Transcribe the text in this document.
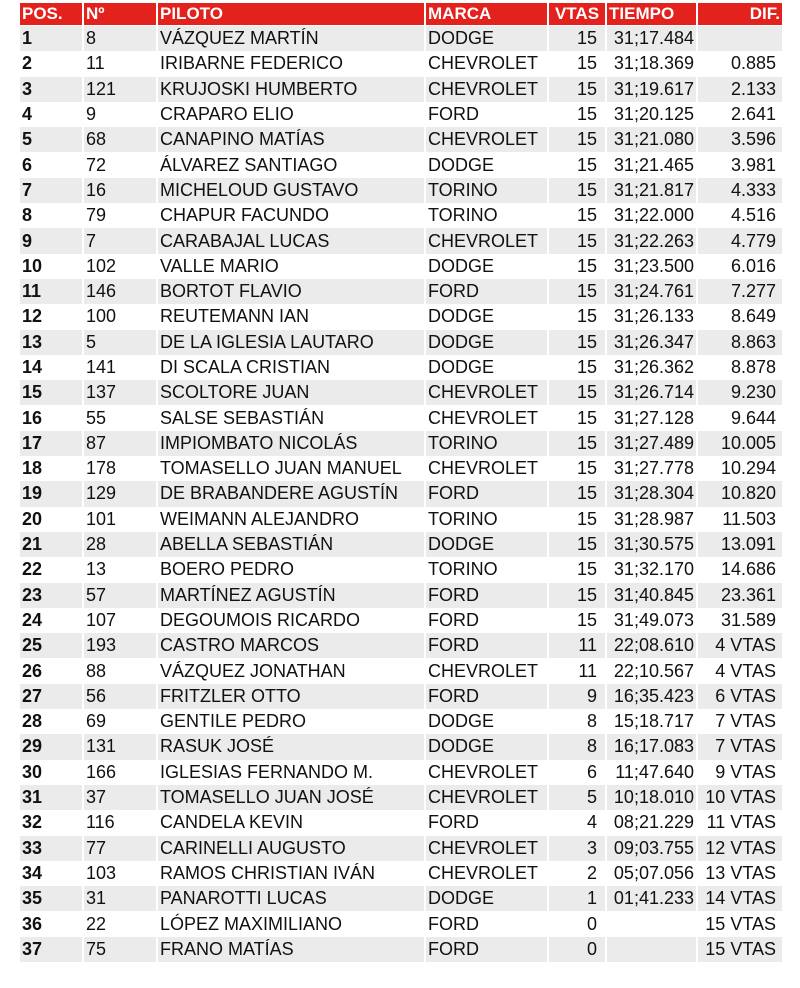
POS.	Nº	PILOTO	MARCA	VTAS	TIEMPO	DIF.
1	8	VÁZQUEZ MARTÍN	DODGE	15	31;17.484	
2	11	IRIBARNE FEDERICO	CHEVROLET	15	31;18.369	0.885
3	121	KRUJOSKI HUMBERTO	CHEVROLET	15	31;19.617	2.133
4	9	CRAPARO ELIO	FORD	15	31;20.125	2.641
5	68	CANAPINO MATÍAS	CHEVROLET	15	31;21.080	3.596
6	72	ÁLVAREZ SANTIAGO	DODGE	15	31;21.465	3.981
7	16	MICHELOUD GUSTAVO	TORINO	15	31;21.817	4.333
8	79	CHAPUR FACUNDO	TORINO	15	31;22.000	4.516
9	7	CARABAJAL LUCAS	CHEVROLET	15	31;22.263	4.779
10	102	VALLE MARIO	DODGE	15	31;23.500	6.016
11	146	BORTOT FLAVIO	FORD	15	31;24.761	7.277
12	100	REUTEMANN IAN	DODGE	15	31;26.133	8.649
13	5	DE LA IGLESIA LAUTARO	DODGE	15	31;26.347	8.863
14	141	DI SCALA CRISTIAN	DODGE	15	31;26.362	8.878
15	137	SCOLTORE JUAN	CHEVROLET	15	31;26.714	9.230
16	55	SALSE SEBASTIÁN	CHEVROLET	15	31;27.128	9.644
17	87	IMPIOMBATO NICOLÁS	TORINO	15	31;27.489	10.005
18	178	TOMASELLO JUAN MANUEL	CHEVROLET	15	31;27.778	10.294
19	129	DE BRABANDERE AGUSTÍN	FORD	15	31;28.304	10.820
20	101	WEIMANN ALEJANDRO	TORINO	15	31;28.987	11.503
21	28	ABELLA SEBASTIÁN	DODGE	15	31;30.575	13.091
22	13	BOERO PEDRO	TORINO	15	31;32.170	14.686
23	57	MARTÍNEZ AGUSTÍN	FORD	15	31;40.845	23.361
24	107	DEGOUMOIS RICARDO	FORD	15	31;49.073	31.589
25	193	CASTRO MARCOS	FORD	11	22;08.610	4 VTAS
26	88	VÁZQUEZ JONATHAN	CHEVROLET	11	22;10.567	4 VTAS
27	56	FRITZLER OTTO	FORD	9	16;35.423	6 VTAS
28	69	GENTILE PEDRO	DODGE	8	15;18.717	7 VTAS
29	131	RASUK JOSÉ	DODGE	8	16;17.083	7 VTAS
30	166	IGLESIAS FERNANDO M.	CHEVROLET	6	11;47.640	9 VTAS
31	37	TOMASELLO JUAN JOSÉ	CHEVROLET	5	10;18.010	10 VTAS
32	116	CANDELA KEVIN	FORD	4	08;21.229	11 VTAS
33	77	CARINELLI AUGUSTO	CHEVROLET	3	09;03.755	12 VTAS
34	103	RAMOS CHRISTIAN IVÁN	CHEVROLET	2	05;07.056	13 VTAS
35	31	PANAROTTI LUCAS	DODGE	1	01;41.233	14 VTAS
36	22	LÓPEZ MAXIMILIANO	FORD	0		15 VTAS
37	75	FRANO MATÍAS	FORD	0		15 VTAS
